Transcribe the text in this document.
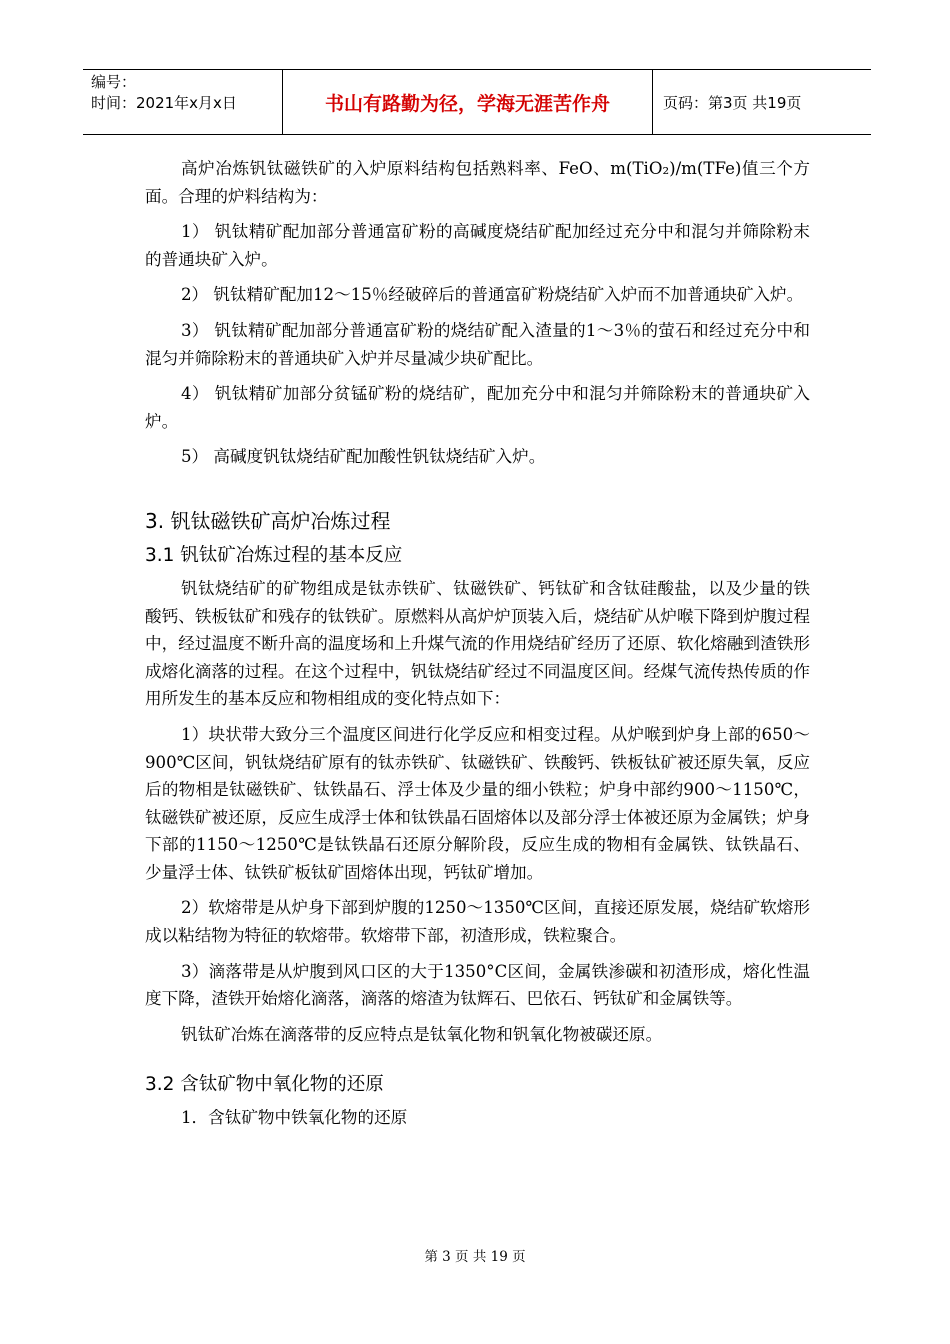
编号：
时间：2021年x月x日	书山有路勤为径，学海无涯苦作舟	页码：第3页 共19页

高炉冶炼钒钛磁铁矿的入炉原料结构包括熟料率、FeO、m(TiO₂)/m(TFe)值三个方面。合理的炉料结构为：

1） 钒钛精矿配加部分普通富矿粉的高碱度烧结矿配加经过充分中和混匀并筛除粉末的普通块矿入炉。

2） 钒钛精矿配加12～15％经破碎后的普通富矿粉烧结矿入炉而不加普通块矿入炉。

3） 钒钛精矿配加部分普通富矿粉的烧结矿配入渣量的1～3％的萤石和经过充分中和混匀并筛除粉末的普通块矿入炉并尽量减少块矿配比。

4） 钒钛精矿加部分贫锰矿粉的烧结矿，配加充分中和混匀并筛除粉末的普通块矿入炉。

5） 高碱度钒钛烧结矿配加酸性钒钛烧结矿入炉。

3. 钒钛磁铁矿高炉冶炼过程
3.1 钒钛矿冶炼过程的基本反应

钒钛烧结矿的矿物组成是钛赤铁矿、钛磁铁矿、钙钛矿和含钛硅酸盐，以及少量的铁酸钙、铁板钛矿和残存的钛铁矿。原燃料从高炉炉顶装入后，烧结矿从炉喉下降到炉腹过程中，经过温度不断升高的温度场和上升煤气流的作用烧结矿经历了还原、软化熔融到渣铁形成熔化滴落的过程。在这个过程中，钒钛烧结矿经过不同温度区间。经煤气流传热传质的作用所发生的基本反应和物相组成的变化特点如下：

1）块状带大致分三个温度区间进行化学反应和相变过程。从炉喉到炉身上部的650～900℃区间，钒钛烧结矿原有的钛赤铁矿、钛磁铁矿、铁酸钙、铁板钛矿被还原失氧，反应后的物相是钛磁铁矿、钛铁晶石、浮士体及少量的细小铁粒；炉身中部约900～1150℃，钛磁铁矿被还原，反应生成浮士体和钛铁晶石固熔体以及部分浮士体被还原为金属铁；炉身下部的1150～1250℃是钛铁晶石还原分解阶段，反应生成的物相有金属铁、钛铁晶石、少量浮士体、钛铁矿板钛矿固熔体出现，钙钛矿增加。

2）软熔带是从炉身下部到炉腹的1250～1350℃区间，直接还原发展，烧结矿软熔形成以粘结物为特征的软熔带。软熔带下部，初渣形成，铁粒聚合。

3）滴落带是从炉腹到风口区的大于1350°C区间，金属铁渗碳和初渣形成，熔化性温度下降，渣铁开始熔化滴落，滴落的熔渣为钛辉石、巴依石、钙钛矿和金属铁等。

钒钛矿冶炼在滴落带的反应特点是钛氧化物和钒氧化物被碳还原。

3.2 含钛矿物中氧化物的还原

1．含钛矿物中铁氧化物的还原

第 3 页 共 19 页
